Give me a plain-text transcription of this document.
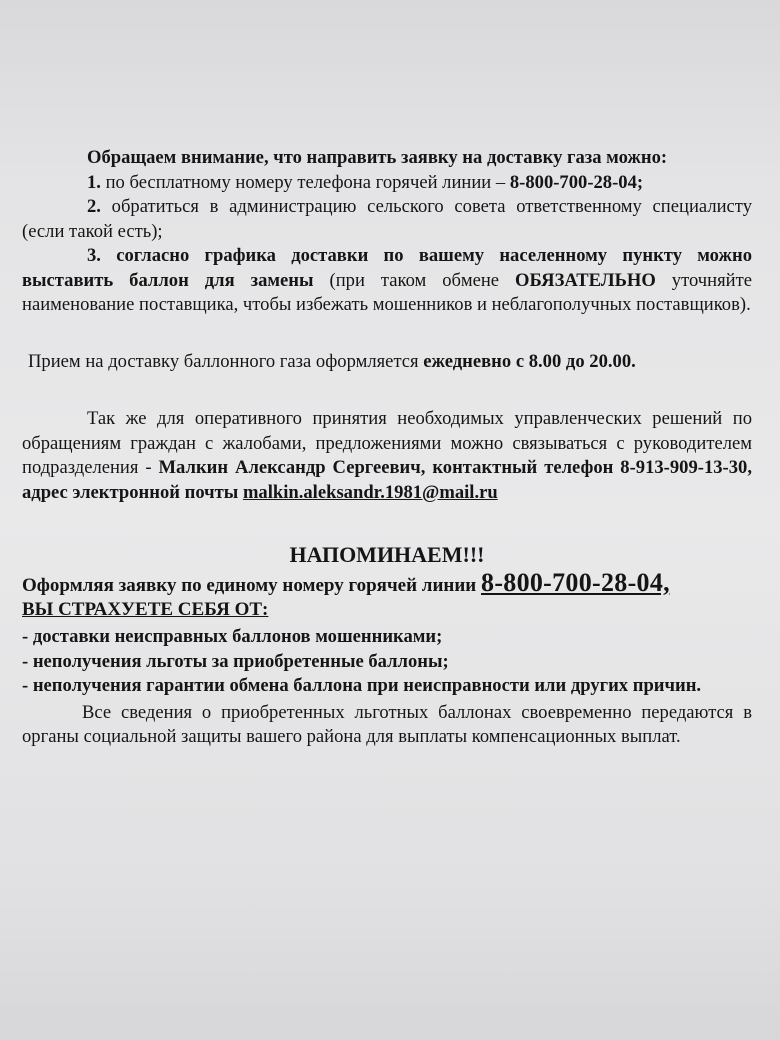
Обращаем внимание, что направить заявку на доставку газа можно:

1. по бесплатному номеру телефона горячей линии – 8-800-700-28-04;

2. обратиться в администрацию сельского совета ответственному специалисту (если такой есть);

3. согласно графика доставки по вашему населенному пункту можно выставить баллон для замены (при таком обмене ОБЯЗАТЕЛЬНО уточняйте наименование поставщика, чтобы избежать мошенников и неблагополучных поставщиков).

Прием на доставку баллонного газа оформляется ежедневно с 8.00 до 20.00.

Так же для оперативного принятия необходимых управленческих решений по обращениям граждан с жалобами, предложениями можно связываться с руководителем подразделения - Малкин Александр Сергеевич, контактный телефон 8-913-909-13-30, адрес электронной почты malkin.aleksandr.1981@mail.ru

НАПОМИНАЕМ!!!

Оформляя заявку по единому номеру горячей линии 8-800-700-28-04,

ВЫ СТРАХУЕТЕ СЕБЯ ОТ:

- доставки неисправных баллонов мошенниками;

- неполучения льготы за приобретенные баллоны;

- неполучения гарантии обмена баллона при неисправности или других причин.

Все сведения о приобретенных льготных баллонах своевременно передаются в органы социальной защиты вашего района для выплаты компенсационных выплат.
